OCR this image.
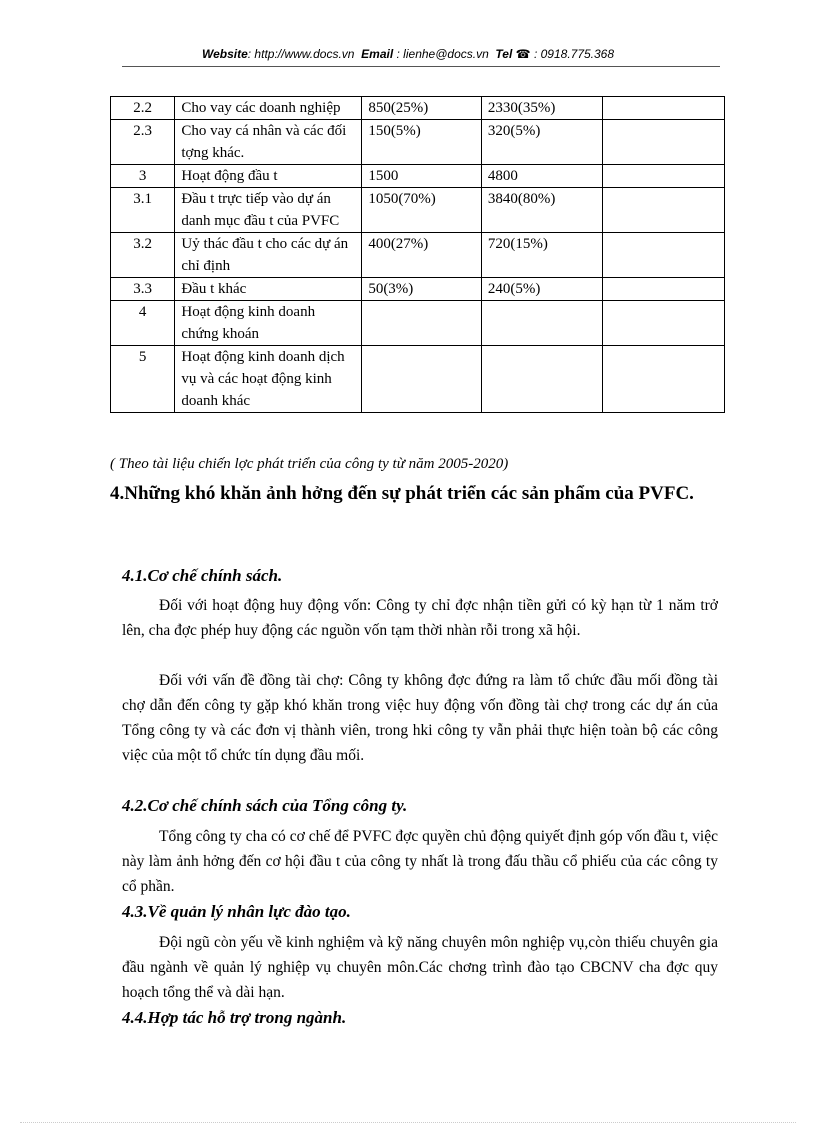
Website: http://www.docs.vn Email : lienhe@docs.vn Tel ☎ : 0918.775.368
2.2	Cho vay các doanh nghiệp	850(25%)	2330(35%)	
2.3	Cho vay cá nhân và các đối tợng khác.	150(5%)	320(5%)	
3	Hoạt động đầu t	1500	4800	
3.1	Đầu t trực tiếp vào dự án danh mục đầu t của PVFC	1050(70%)	3840(80%)	
3.2	Uỷ thác đầu t cho các dự án chỉ định	400(27%)	720(15%)	
3.3	Đầu t khác	50(3%)	240(5%)	
4	Hoạt động kinh doanh chứng khoán			
5	Hoạt động kinh doanh dịch vụ và các hoạt động kinh doanh khác			
( Theo tài liệu chiến lợc phát triển của công ty từ năm 2005-2020)
4.Những khó khăn ảnh hởng đến sự phát triển các sản phẩm của PVFC.
4.1.Cơ chế chính sách.

Đối với hoạt động huy động vốn: Công ty chỉ đợc nhận tiền gửi có kỳ hạn từ 1 năm trở lên, cha đợc phép huy động các nguồn vốn tạm thời nhàn rỗi trong xã hội.

Đối với vấn đề đồng tài chợ: Công ty không đợc đứng ra làm tổ chức đầu mối đồng tài chợ dẫn đến công ty gặp khó khăn trong việc huy động vốn đồng tài chợ trong các dự án của Tổng công ty và các đơn vị thành viên, trong hki công ty vẫn phải thực hiện toàn bộ các công việc của một tổ chức tín dụng đầu mối.

4.2.Cơ chế chính sách của Tổng công ty.

Tổng công ty cha có cơ chế để PVFC đợc quyền chủ động quiyết định góp vốn đầu t, việc này làm ảnh hởng đến cơ hội đầu t của công ty nhất là trong đấu thầu cổ phiếu của các công ty cổ phần.

4.3.Về quản lý nhân lực đào tạo.

Đội ngũ còn yếu về kinh nghiệm và kỹ năng chuyên môn nghiệp vụ,còn thiếu chuyên gia đầu ngành về quản lý nghiệp vụ chuyên môn.Các chơng trình đào tạo CBCNV cha đợc quy hoạch tổng thể và dài hạn.

4.4.Hợp tác hỗ trợ trong ngành.
